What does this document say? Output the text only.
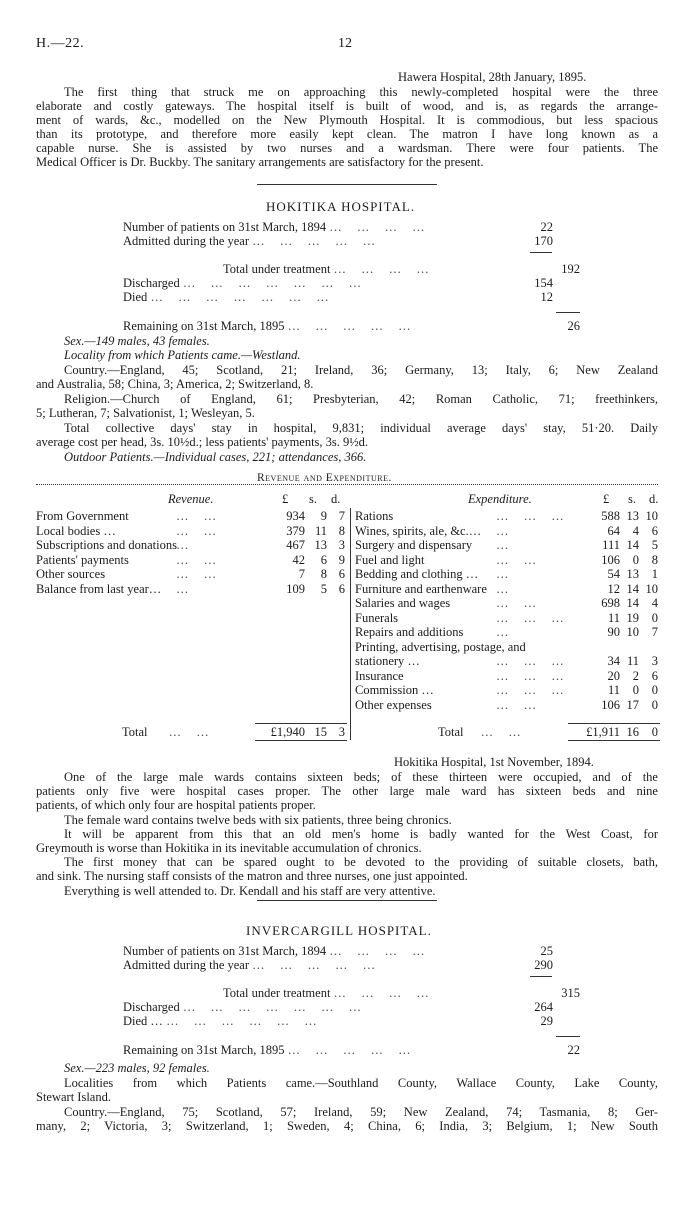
H.—22.	12
Hawera Hospital, 28th January, 1895.
The first thing that struck me on approaching this newly-completed hospital were the three
elaborate and costly gateways. The hospital itself is built of wood, and is, as regards the arrange-
ment of wards, &c., modelled on the New Plymouth Hospital. It is commodious, but less spacious
than its prototype, and therefore more easily kept clean. The matron I have long known as a
capable nurse. She is assisted by two nurses and a wardsman. There were four patients. The
Medical Officer is Dr. Buckby. The sanitary arrangements are satisfactory for the present.
HOKITIKA HOSPITAL.
Number of patients on 31st March, 1894 … … … …	22
Admitted during the year … … … … …	170
Total under treatment … … … …	192
Discharged … … … … … … …	154
Died … … … … … … …	12
Remaining on 31st March, 1895 … … … … …	26
Sex.—149 males, 43 females.
Locality from which Patients came.—Westland.
Country.—England, 45; Scotland, 21; Ireland, 36; Germany, 13; Italy, 6; New Zealand
and Australia, 58; China, 3; America, 2; Switzerland, 8.
Religion.—Church of England, 61; Presbyterian, 42; Roman Catholic, 71; freethinkers,
5; Lutheran, 7; Salvationist, 1; Wesleyan, 5.
Total collective days' stay in hospital, 9,831; individual average days' stay, 51·20. Daily
average cost per head, 3s. 10½d.; less patients' payments, 3s. 9½d.
Outdoor Patients.—Individual cases, 221; attendances, 366.
Revenue and Expenditure.
Revenue.	Expenditure.
£ s. d.	£ s. d.
From Government	… …	934	9 7
Local bodies …	… …	379 11 8
Subscriptions and donations …	467 13 3
Patients' payments	… …	42	6 9
Other sources	… …	7	8 6
Balance from last year… …	109	5 6
Rations	… … …	588 13 10
Wines, spirits, ale, &c.… …	64	4	6
Surgery and dispensary …	111 14	5
Fuel and light	… …	106	0	8
Bedding and clothing … …	54 13	1
Furniture and earthenware …	12 14 10
Salaries and wages	… …	698 14	4
Funerals	… … …	11 19	0
Repairs and additions	…	90 10	7
Printing, advertising, postage, and
stationery …	… … …	34 11	3
Insurance	… … …	20	2	6
Commission …	… … …	11	0	0
Other expenses	… …	106 17	0
Total … …	£1,940 15 3	Total … …	£1,911 16	0
Hokitika Hospital, 1st November, 1894.
One of the large male wards contains sixteen beds; of these thirteen were occupied, and of the
patients only five were hospital cases proper. The other large male ward has sixteen beds and nine
patients, of which only four are hospital patients proper.
The female ward contains twelve beds with six patients, three being chronics.
It will be apparent from this that an old men's home is badly wanted for the West Coast, for
Greymouth is worse than Hokitika in its inevitable accumulation of chronics.
The first money that can be spared ought to be devoted to the providing of suitable closets, bath,
and sink. The nursing staff consists of the matron and three nurses, one just appointed.
Everything is well attended to. Dr. Kendall and his staff are very attentive.
INVERCARGILL HOSPITAL.
Number of patients on 31st March, 1894 … … … …	25
Admitted during the year … … … … …	290
Total under treatment … … … …	315
Discharged … … … … … … …	264
Died … … … … … … …	29
Remaining on 31st March, 1895 … … … … …	22
Sex.—223 males, 92 females.
Localities from which Patients came.—Southland County, Wallace County, Lake County,
Stewart Island.
Country.—England, 75; Scotland, 57; Ireland, 59; New Zealand, 74; Tasmania, 8; Ger-
many, 2; Victoria, 3; Switzerland, 1; Sweden, 4; China, 6; India, 3; Belgium, 1; New South
